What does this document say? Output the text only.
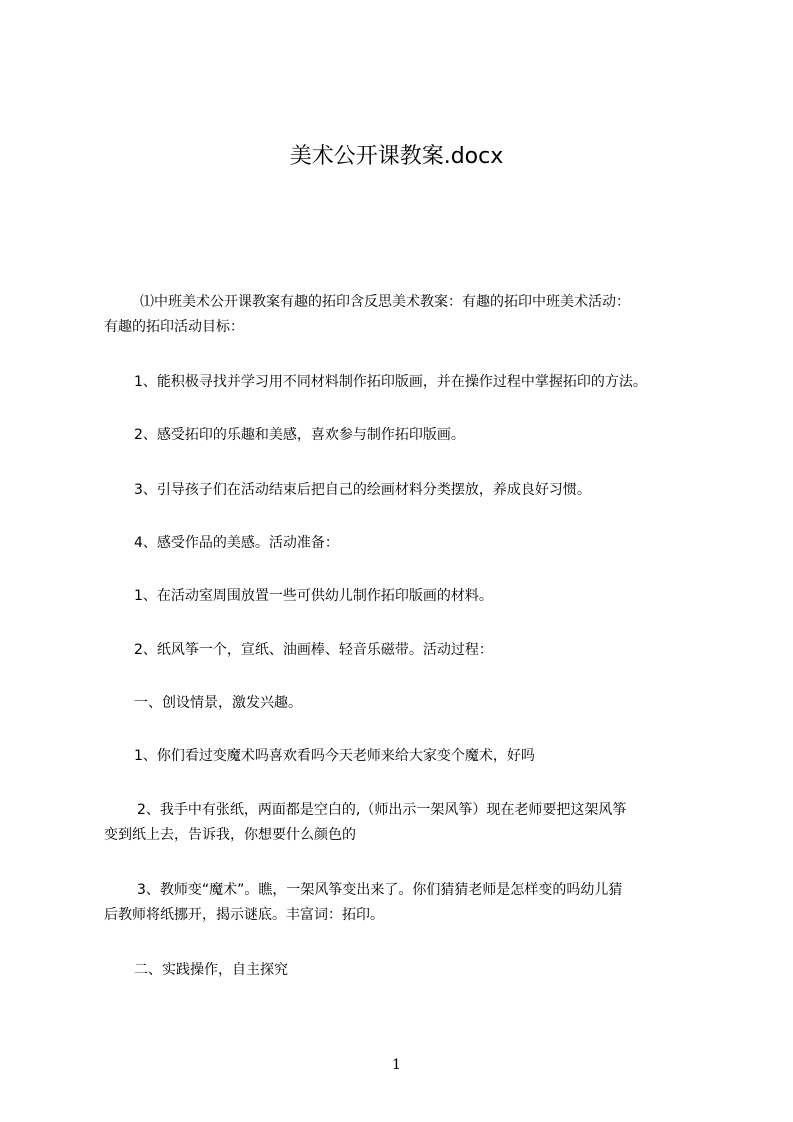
美术公开课教案.docx
⑴中班美术公开课教案有趣的拓印含反思美术教案：有趣的拓印中班美术活动：
有趣的拓印活动目标：
1、能积极寻找并学习用不同材料制作拓印版画，并在操作过程中掌握拓印的方法。
2、感受拓印的乐趣和美感，喜欢参与制作拓印版画。
3、引导孩子们在活动结束后把自己的绘画材料分类摆放，养成良好习惯。
4、感受作品的美感。活动准备：
1、在活动室周围放置一些可供幼儿制作拓印版画的材料。
2、纸风筝一个，宣纸、油画棒、轻音乐磁带。活动过程：
一、创设情景，激发兴趣。
1、你们看过变魔术吗喜欢看吗今天老师来给大家变个魔术，好吗
2、我手中有张纸，两面都是空白的,（师出示一架风筝）现在老师要把这架风筝
变到纸上去，告诉我，你想要什么颜色的
3、教师变“魔术”。瞧，一架风筝变出来了。你们猜猜老师是怎样变的吗幼儿猜
后教师将纸挪开，揭示谜底。丰富词：拓印。
二、实践操作，自主探究
1
